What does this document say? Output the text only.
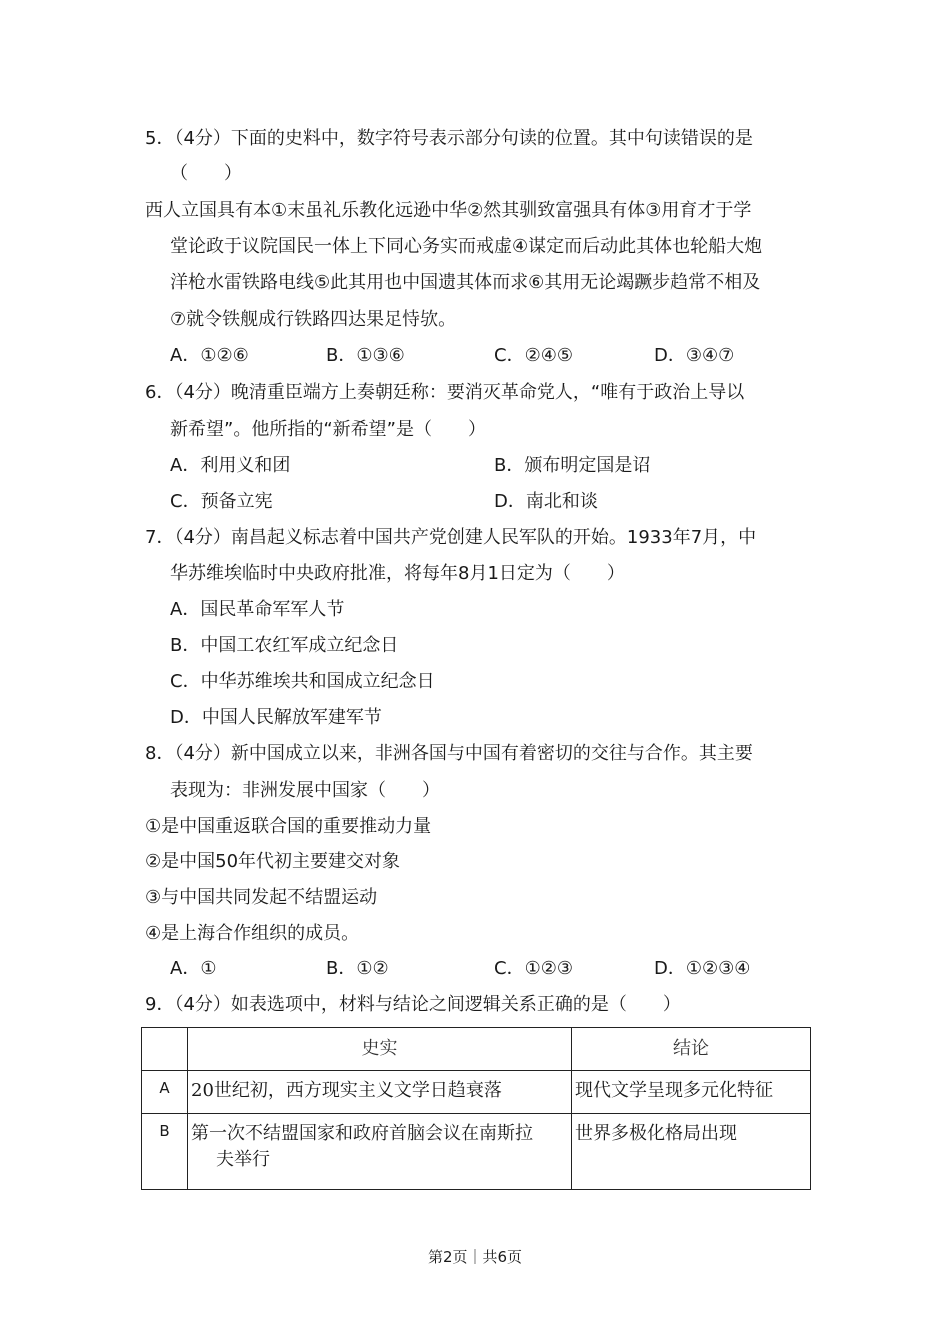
5．（4分）下面的史料中，数字符号表示部分句读的位置。其中句读错误的是
（　　）
西人立国具有本①末虽礼乐教化远逊中华②然其驯致富强具有体③用育才于学
堂论政于议院国民一体上下同心务实而戒虚④谋定而后动此其体也轮船大炮
洋枪水雷铁路电线⑤此其用也中国遗其体而求⑥其用无论竭蹶步趋常不相及
⑦就令铁舰成行铁路四达果足恃欤。
A．①②⑥	B．①③⑥	C．②④⑤	D．③④⑦
6．（4分）晚清重臣端方上奏朝廷称：要消灭革命党人，“唯有于政治上导以
新希望”。他所指的“新希望”是（　　）
A．利用义和团	B．颁布明定国是诏
C．预备立宪	D．南北和谈
7．（4分）南昌起义标志着中国共产党创建人民军队的开始。1933年7月，中
华苏维埃临时中央政府批准，将每年8月1日定为（　　）
A．国民革命军军人节
B．中国工农红军成立纪念日
C．中华苏维埃共和国成立纪念日
D．中国人民解放军建军节
8．（4分）新中国成立以来，非洲各国与中国有着密切的交往与合作。其主要
表现为：非洲发展中国家（　　）
①是中国重返联合国的重要推动力量
②是中国50年代初主要建交对象
③与中国共同发起不结盟运动
④是上海合作组织的成员。
A．①	B．①②	C．①②③	D．①②③④
9．（4分）如表选项中，材料与结论之间逻辑关系正确的是（　　）
	史实	结论
A	20世纪初，西方现实主义文学日趋衰落	现代文学呈现多元化特征

B	第一次不结盟国家和政府首脑会议在南斯拉
夫举行	世界多极化格局出现
第2页｜共6页
